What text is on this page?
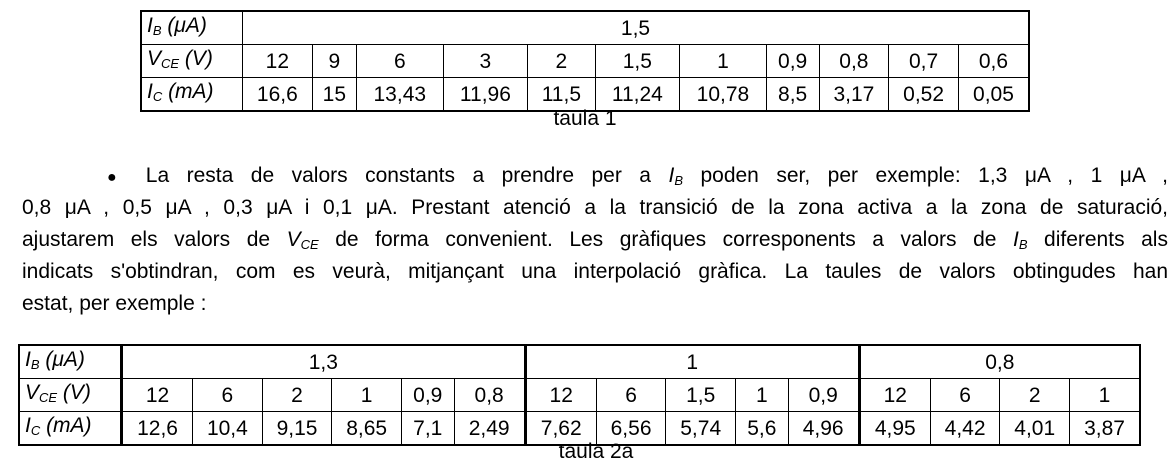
$I_B$ (μA)	1,5										
$V_{CE}$ (V)	12	9	6	3	2	1,5	1	0,9	0,8	0,7	0,6
$I_C$ (mA)	16,6	15	13,43	11,96	11,5	11,24	10,78	8,5	3,17	0,52	0,05
taula 1
● La resta de valors constants a prendre per a $I_B$ poden ser, per exemple: 1,3 μA , 1 μA ,
0,8 μA , 0,5 μA , 0,3 μA i 0,1 μA. Prestant atenció a la transició de la zona activa a la zona de saturació,
ajustarem els valors de $V_{CE}$ de forma convenient. Les gràfiques corresponents a valors de $I_B$ diferents als
indicats s'obtindran, com es veurà, mitjançant una interpolació gràfica. La taules de valors obtingudes han
estat, per exemple :
$I_B$ (μA)	1,3						1					0,8			
$V_{CE}$ (V)	12	6	2	1	0,9	0,8	12	6	1,5	1	0,9	12	6	2	1
$I_C$ (mA)	12,6	10,4	9,15	8,65	7,1	2,49	7,62	6,56	5,74	5,6	4,96	4,95	4,42	4,01	3,87
taula 2a
